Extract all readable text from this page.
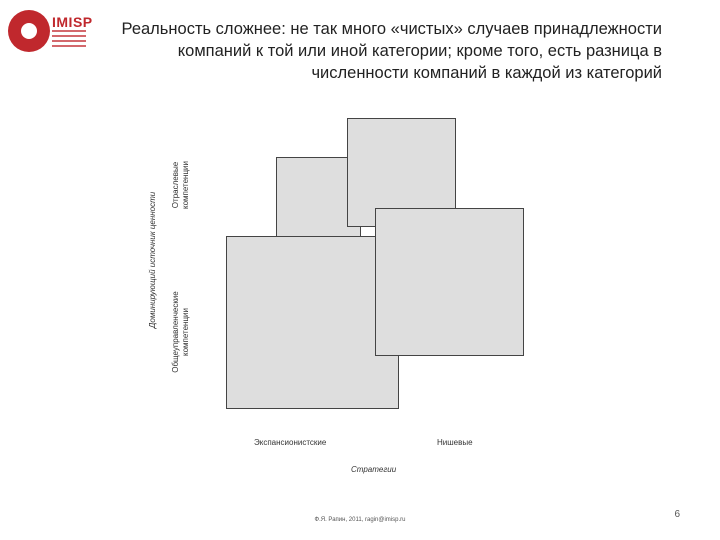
IMISP	Реальность сложнее: не так много «чистых» случаев принадлежности компаний к той или иной категории; кроме того, есть разница в численности компаний в каждой из категорий
Доминирующий источник ценности
Отраслевые компетенции
Общеуправленческие компетенции
Экспансионистские	Нишевые
Стратегии
Ф.Я. Рапин, 2011, ragin@imisp.ru	6
